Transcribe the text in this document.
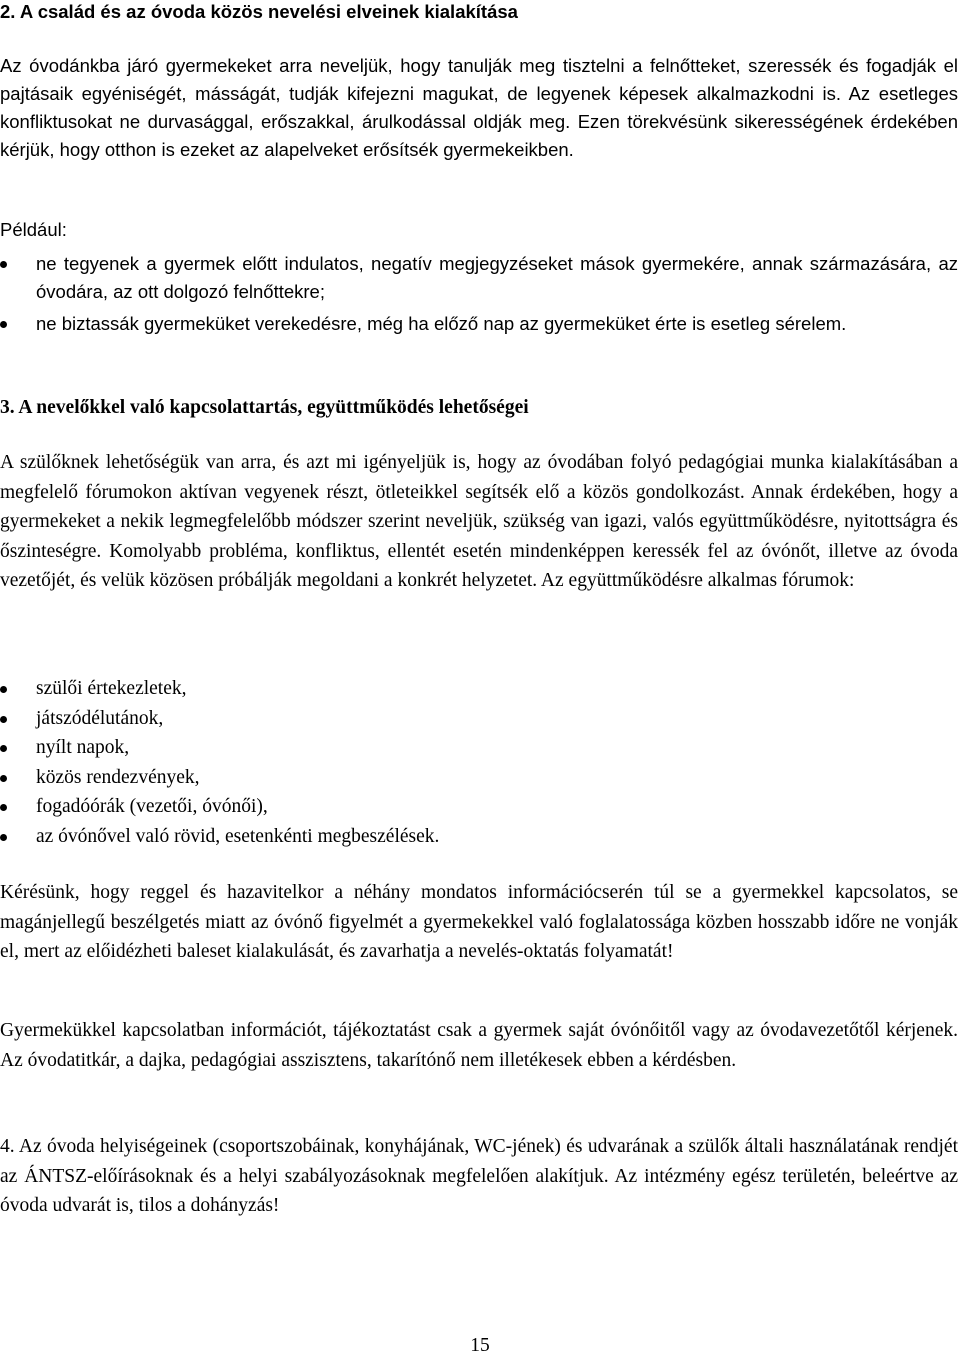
2. A család és az óvoda közös nevelési elveinek kialakítása

Az óvodánkba járó gyermekeket arra neveljük, hogy tanulják meg tisztelni a felnőtteket, szeressék és fogadják el pajtásaik egyéniségét, másságát, tudják kifejezni magukat, de legyenek képesek alkalmazkodni is. Az esetleges konfliktusokat ne durvasággal, erőszakkal, árulkodással oldják meg. Ezen törekvésünk sikerességének érdekében kérjük, hogy otthon is ezeket az alapelveket erősítsék gyermekeikben.

Például:

ne tegyenek a gyermek előtt indulatos, negatív megjegyzéseket mások gyermekére, annak származására, az óvodára, az ott dolgozó felnőttekre;
ne biztassák gyermeküket verekedésre, még ha előző nap az gyermeküket érte is esetleg sérelem.
3. A nevelőkkel való kapcsolattartás, együttműködés lehetőségei

A szülőknek lehetőségük van arra, és azt mi igényeljük is, hogy az óvodában folyó pedagógiai munka kialakításában a megfelelő fórumokon aktívan vegyenek részt, ötleteikkel segítsék elő a közös gondolkozást. Annak érdekében, hogy a gyermekeket a nekik legmegfelelőbb módszer szerint neveljük, szükség van igazi, valós együttműködésre, nyitottságra és őszinteségre. Komolyabb probléma, konfliktus, ellentét esetén mindenképpen keressék fel az óvónőt, illetve az óvoda vezetőjét, és velük közösen próbálják megoldani a konkrét helyzetet. Az együttműködésre alkalmas fórumok:

szülői értekezletek,
játszódélutánok,
nyílt napok,
közös rendezvények,
fogadóórák (vezetői, óvónői),
az óvónővel való rövid, esetenkénti megbeszélések.

Kérésünk, hogy reggel és hazavitelkor a néhány mondatos információcserén túl se a gyermekkel kapcsolatos, se magánjellegű beszélgetés miatt az óvónő figyelmét a gyermekekkel való foglalatossága közben hosszabb időre ne vonják el, mert az előidézheti baleset kialakulását, és zavarhatja a nevelés-oktatás folyamatát!

Gyermekükkel kapcsolatban információt, tájékoztatást csak a gyermek saját óvónőitől vagy az óvodavezetőtől kérjenek. Az óvodatitkár, a dajka, pedagógiai asszisztens, takarítónő nem illetékesek ebben a kérdésben.

4. Az óvoda helyiségeinek (csoportszobáinak, konyhájának, WC-jének) és udvarának a szülők általi használatának rendjét az ÁNTSZ-előírásoknak és a helyi szabályozásoknak megfelelően alakítjuk. Az intézmény egész területén, beleértve az óvoda udvarát is, tilos a dohányzás!

15
